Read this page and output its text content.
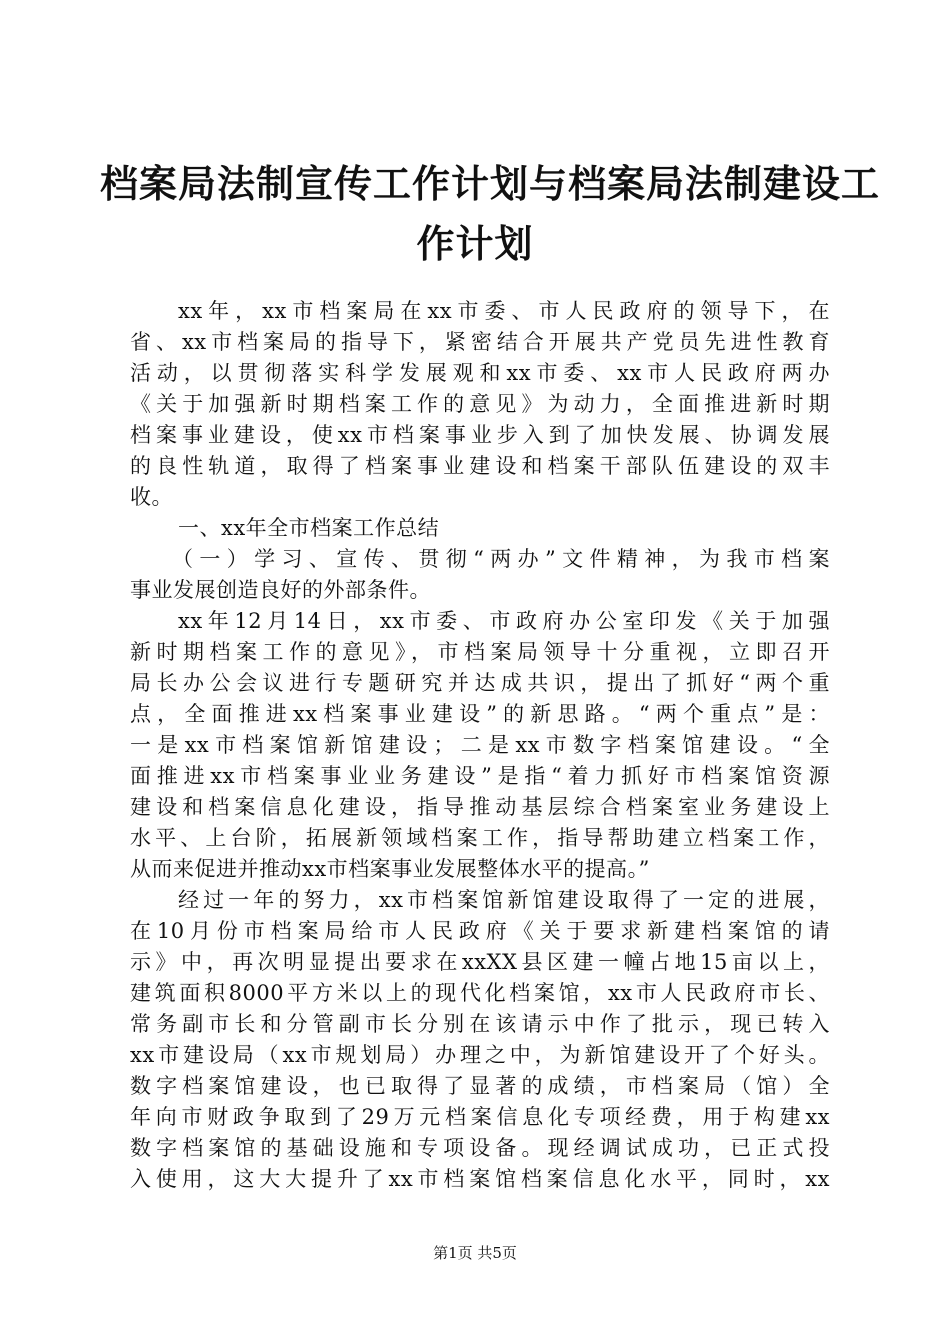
档案局法制宣传工作计划与档案局法制建设工
作计划
xx年，xx市档案局在xx市委、市人民政府的领导下，在
省、xx市档案局的指导下，紧密结合开展共产党员先进性教育
活动，以贯彻落实科学发展观和xx市委、xx市人民政府两办
《关于加强新时期档案工作的意见》为动力，全面推进新时期
档案事业建设，使xx市档案事业步入到了加快发展、协调发展
的良性轨道，取得了档案事业建设和档案干部队伍建设的双丰
收。
一、xx年全市档案工作总结
（一）学习、宣传、贯彻“两办”文件精神，为我市档案
事业发展创造良好的外部条件。
xx年12月14日，xx市委、市政府办公室印发《关于加强
新时期档案工作的意见》，市档案局领导十分重视，立即召开
局长办公会议进行专题研究并达成共识，提出了抓好“两个重
点，全面推进xx档案事业建设”的新思路。“两个重点”是：
一是xx市档案馆新馆建设；二是xx市数字档案馆建设。“全
面推进xx市档案事业业务建设”是指“着力抓好市档案馆资源
建设和档案信息化建设，指导推动基层综合档案室业务建设上
水平、上台阶，拓展新领域档案工作，指导帮助建立档案工作，
从而来促进并推动xx市档案事业发展整体水平的提高。”
经过一年的努力，xx市档案馆新馆建设取得了一定的进展，
在10月份市档案局给市人民政府《关于要求新建档案馆的请
示》中，再次明显提出要求在xxXX县区建一幢占地15亩以上，
建筑面积8000平方米以上的现代化档案馆，xx市人民政府市长、
常务副市长和分管副市长分别在该请示中作了批示，现已转入
xx市建设局（xx市规划局）办理之中，为新馆建设开了个好头。
数字档案馆建设，也已取得了显著的成绩，市档案局（馆）全
年向市财政争取到了29万元档案信息化专项经费，用于构建xx
数字档案馆的基础设施和专项设备。现经调试成功，已正式投
入使用，这大大提升了xx市档案馆档案信息化水平，同时，xx
第1页 共5页
